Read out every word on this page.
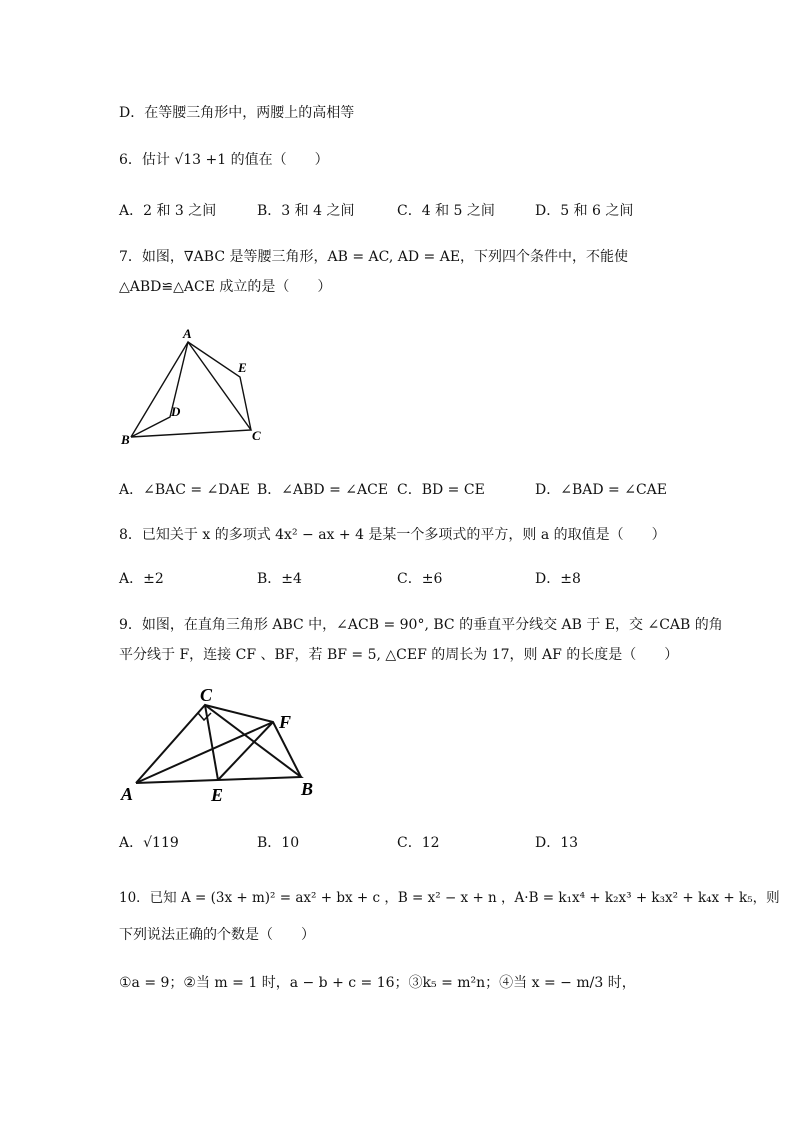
D．在等腰三角形中，两腰上的高相等
6．估计 √13 +1 的值在（　　）
A．2 和 3 之间	B．3 和 4 之间	C．4 和 5 之间	D．5 和 6 之间
7．如图，∇ABC 是等腰三角形，AB = AC, AD = AE，下列四个条件中，不能使
△ABD≌△ACE 成立的是（　　）
A
B	C
D
E
A．∠BAC = ∠DAE B．∠ABD = ∠ACE C．BD = CE	D．∠BAD = ∠CAE
8．已知关于 x 的多项式 4x² − ax + 4 是某一个多项式的平方，则 a 的取值是（　　）
A．±2	B．±4	C．±6	D．±8
9．如图，在直角三角形 ABC 中，∠ACB = 90°, BC 的垂直平分线交 AB 于 E，交 ∠CAB 的角
平分线于 F，连接 CF 、BF，若 BF = 5, △CEF 的周长为 17，则 AF 的长度是（　　）
C
F
A	E	B
A．√119	B．10	C．12	D．13
10．已知 A = (3x + m)² = ax² + bx + c ，B = x² − x + n ，A·B = k₁x⁴ + k₂x³ + k₃x² + k₄x + k₅，则
下列说法正确的个数是（　　）
①a = 9；②当 m = 1 时，a − b + c = 16；③k₅ = m²n；④当 x = − m/3 时，
